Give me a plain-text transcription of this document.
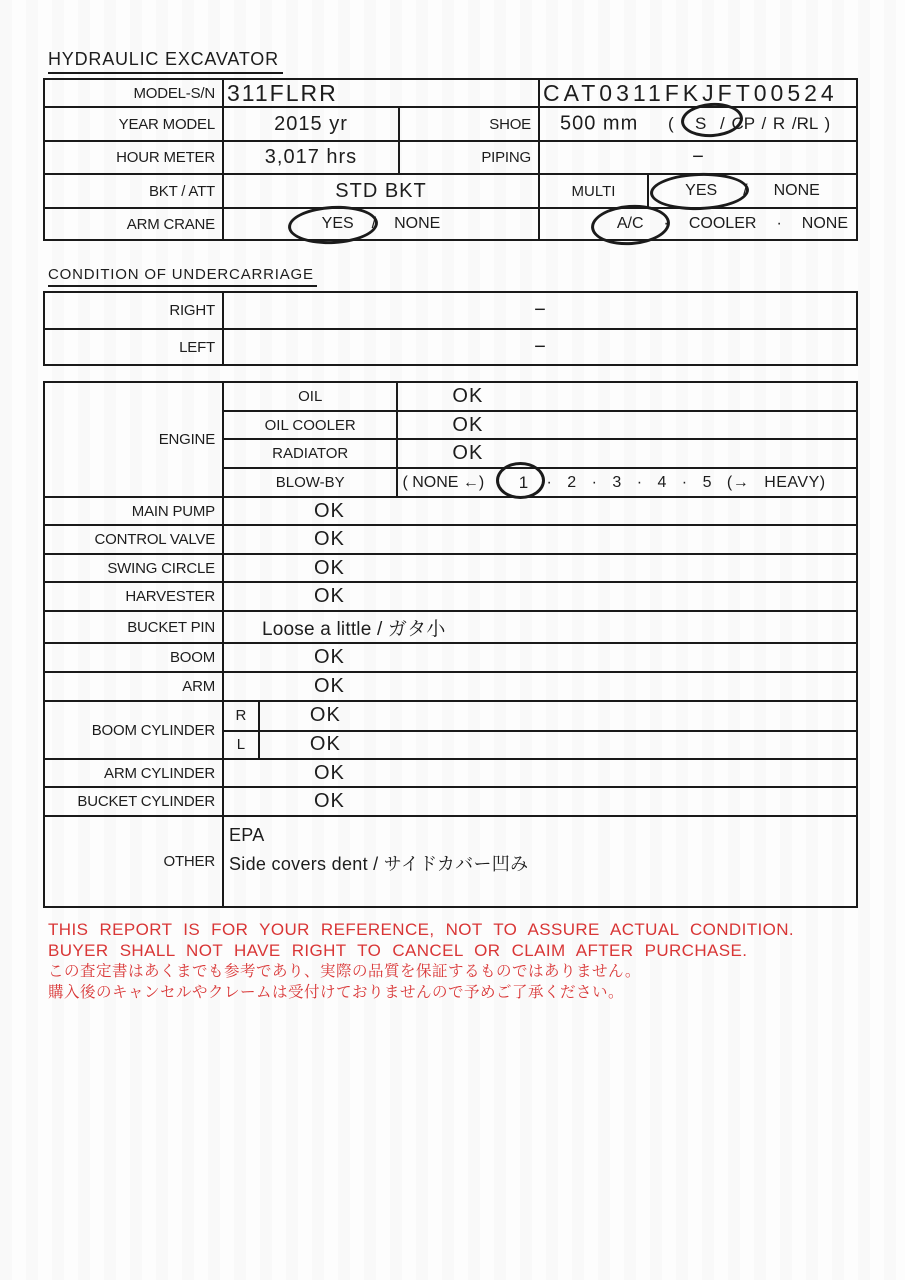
HYDRAULIC EXCAVATOR
MODEL-S/N 311FLRR	CAT0311FKJFT00524
YEAR MODEL	2015 yr	SHOE	500 mm ( S / CP / R /RL )
HOUR METER	3,017 hrs	PIPING	−
BKT / ATT	STD BKT	MULTI	YES / NONE
ARM CRANE	YES / NONE	A/C · COOLER · NONE
CONDITION OF UNDERCARRIAGE
RIGHT	−
LEFT	−
ENGINE
OIL	OK
OIL COOLER	OK
RADIATOR	OK
BLOW-BY	( NONE ←)	1	· 2 · 3 · 4 · 5 (→ HEAVY)
MAIN PUMP	OK
CONTROL VALVE	OK
SWING CIRCLE	OK
HARVESTER	OK
BUCKET PIN	Loose a little / ガタ小
BOOM	OK
ARM	OK
BOOM CYLINDER
R	OK
L	OK
ARM CYLINDER	OK
BUCKET CYLINDER	OK
OTHER
EPA
Side covers dent / サイドカバー凹み
THIS REPORT IS FOR YOUR REFERENCE, NOT TO ASSURE ACTUAL CONDITION.
BUYER SHALL NOT HAVE RIGHT TO CANCEL OR CLAIM AFTER PURCHASE.
この査定書はあくまでも参考であり、実際の品質を保証するものではありません。
購入後のキャンセルやクレームは受付けておりませんので予めご了承ください。
